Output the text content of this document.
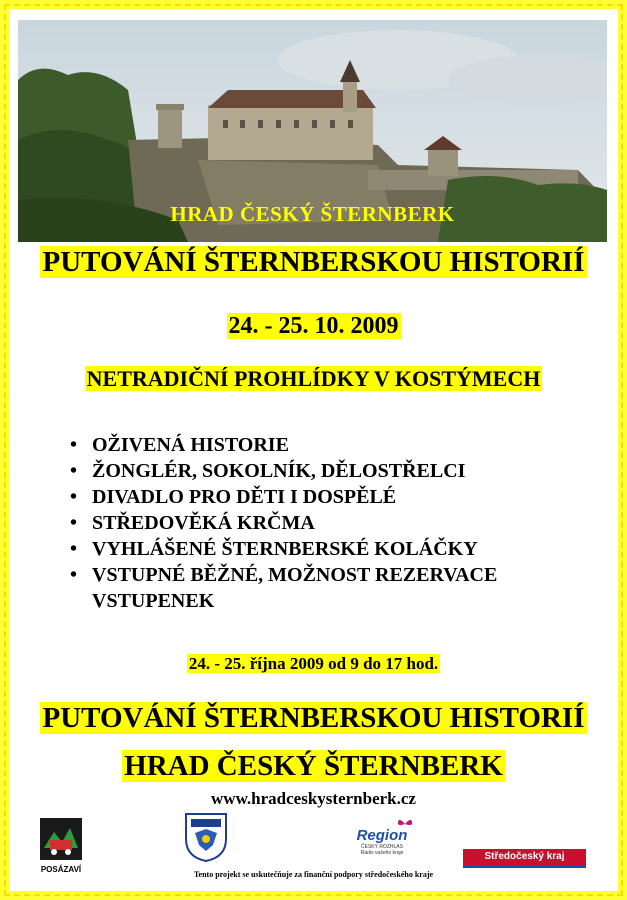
HRAD ČESKÝ ŠTERNBERK
PUTOVÁNÍ ŠTERNBERSKOU HISTORIÍ
24. - 25. 10. 2009
NETRADIČNÍ PROHLÍDKY V KOSTÝMECH
• OŽIVENÁ HISTORIE
• ŽONGLÉR, SOKOLNÍK, DĚLOSTŘELCI
• DIVADLO PRO DĚTI I DOSPĚLÉ
• STŘEDOVĚKÁ KRČMA
• VYHLÁŠENÉ ŠTERNBERSKÉ KOLÁČKY
• VSTUPNÉ BĚŽNÉ, MOŽNOST REZERVACE VSTUPENEK
24. - 25. října 2009 od 9 do 17 hod.
PUTOVÁNÍ ŠTERNBERSKOU HISTORIÍ
HRAD ČESKÝ ŠTERNBERK
www.hradceskysternberk.cz
POSÁZAVÍ
Region
ČESKÝ ROZHLAS
Rádio vašeho kraje	Středočeský kraj
Tento projekt se uskutečňuje za finanční podpory středočeského kraje
